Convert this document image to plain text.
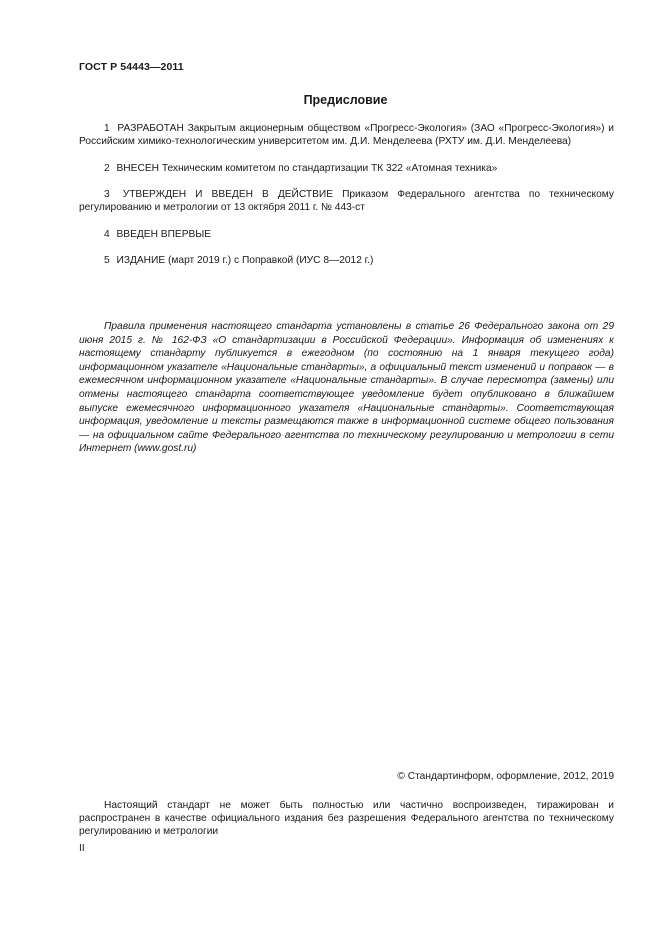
ГОСТ Р 54443—2011
Предисловие

1 РАЗРАБОТАН Закрытым акционерным обществом «Прогресс-Экология» (ЗАО «Прогресс-Экология») и Российским химико-технологическим университетом им. Д.И. Менделеева (РХТУ им. Д.И. Менделеева)

2 ВНЕСЕН Техническим комитетом по стандартизации ТК 322 «Атомная техника»

3 УТВЕРЖДЕН И ВВЕДЕН В ДЕЙСТВИЕ Приказом Федерального агентства по техническому регулированию и метрологии от 13 октября 2011 г. № 443-ст

4 ВВЕДЕН ВПЕРВЫЕ

5 ИЗДАНИЕ (март 2019 г.) с Поправкой (ИУС 8—2012 г.)

Правила применения настоящего стандарта установлены в статье 26 Федерального закона от 29 июня 2015 г. № 162-ФЗ «О стандартизации в Российской Федерации». Информация об изменениях к настоящему стандарту публикуется в ежегодном (по состоянию на 1 января текущего года) информационном указателе «Национальные стандарты», а официальный текст изменений и поправок — в ежемесячном информационном указателе «Национальные стандарты». В случае пересмотра (замены) или отмены настоящего стандарта соответствующее уведомление будет опубликовано в ближайшем выпуске ежемесячного информационного указателя «Национальные стандарты». Соответствующая информация, уведомление и тексты размещаются также в информационной системе общего пользования — на официальном сайте Федерального агентства по техническому регулированию и метрологии в сети Интернет (www.gost.ru)

© Стандартинформ, оформление, 2012, 2019

Настоящий стандарт не может быть полностью или частично воспроизведен, тиражирован и распространен в качестве официального издания без разрешения Федерального агентства по техническому регулированию и метрологии

II
